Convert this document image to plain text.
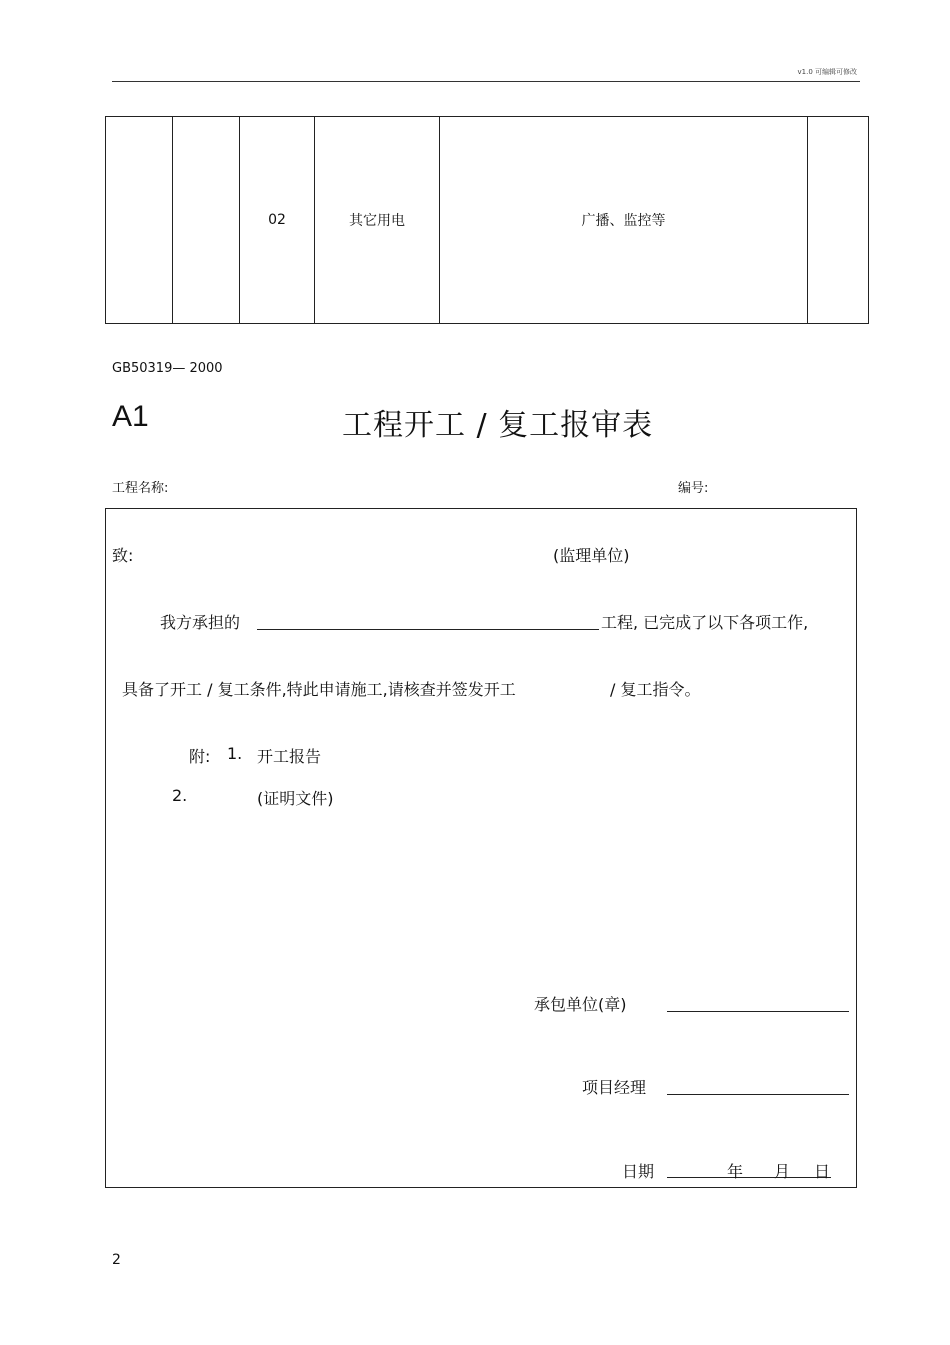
v1.0 可编辑可修改
		02	其它用电	广播、监控等	
GB50319— 2000
A1	工程开工 / 复工报审表
工程名称:	编号:
致:	(监理单位)
我方承担的	工程, 已完成了以下各项工作,
具备了开工 / 复工条件,特此申请施工,请核查并签发开工	/ 复工指令。
附: 1. 开工报告
2.	(证明文件)
承包单位(章)
项目经理
日期	年 月 日
2
